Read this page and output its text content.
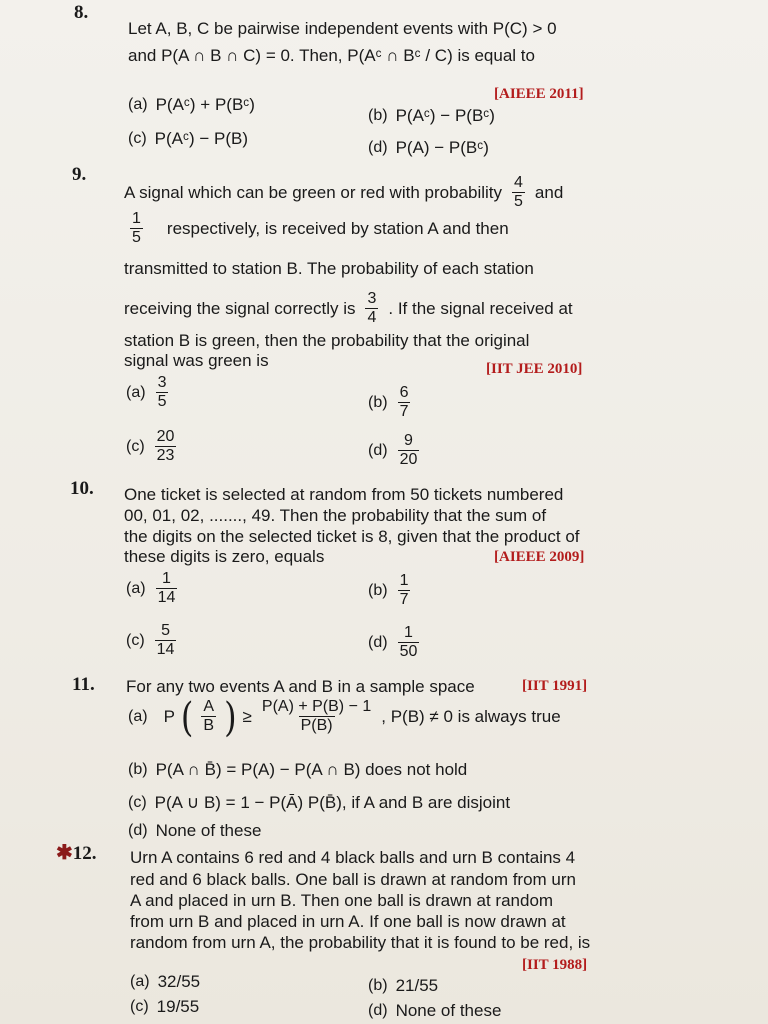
8.
Let A, B, C be pairwise independent events with P(C) > 0
and P(A ∩ B ∩ C) = 0. Then, P(Aᶜ ∩ Bᶜ / C) is equal to
[AIEEE 2011]
(a) P(Aᶜ) + P(Bᶜ)
(b) P(Aᶜ) − P(Bᶜ)
(c) P(Aᶜ) − P(B)	(d) P(A) − P(Bᶜ)
9.
A signal which can be green or red with probability $\frac{4}{5}$ and
$\frac{1}{5}$ respectively, is received by station A and then
transmitted to station B. The probability of each station
receiving the signal correctly is $\frac{3}{4}$ . If the signal received at
station B is green, then the probability that the original
signal was green is	[IIT JEE 2010]
$(a) \frac{3}{5}$	$(b) \frac{6}{7}$
$(c) \frac{20}{23}$	$(d) \frac{9}{20}$
10. One ticket is selected at random from 50 tickets numbered
00, 01, 02, ......., 49. Then the probability that the sum of
the digits on the selected ticket is 8, given that the product of
these digits is zero, equals	[AIEEE 2009]
$(a) \frac{1}{14}$	$(b) \frac{1}{7}$
$(c) \frac{5}{14}$	$(d) \frac{1}{50}$
11. For any two events A and B in a sample space	[IIT 1991]
(a) P ( $\frac{A}{B}$ ) ≥ $\frac{P(A) + P(B) - 1}{P(B)}$ , P(B) ≠ 0 is always true
(b) P(A ∩ B̄) = P(A) − P(A ∩ B) does not hold
(c) P(A ∪ B) = 1 − P(Ā) P(B̄), if A and B are disjoint
(d) None of these
✱12. Urn A contains 6 red and 4 black balls and urn B contains 4
red and 6 black balls. One ball is drawn at random from urn
A and placed in urn B. Then one ball is drawn at random
from urn B and placed in urn A. If one ball is now drawn at
random from urn A, the probability that it is found to be red, is
[IIT 1988]
(a) 32/55	(b) 21/55
(c) 19/55	(d) None of these
